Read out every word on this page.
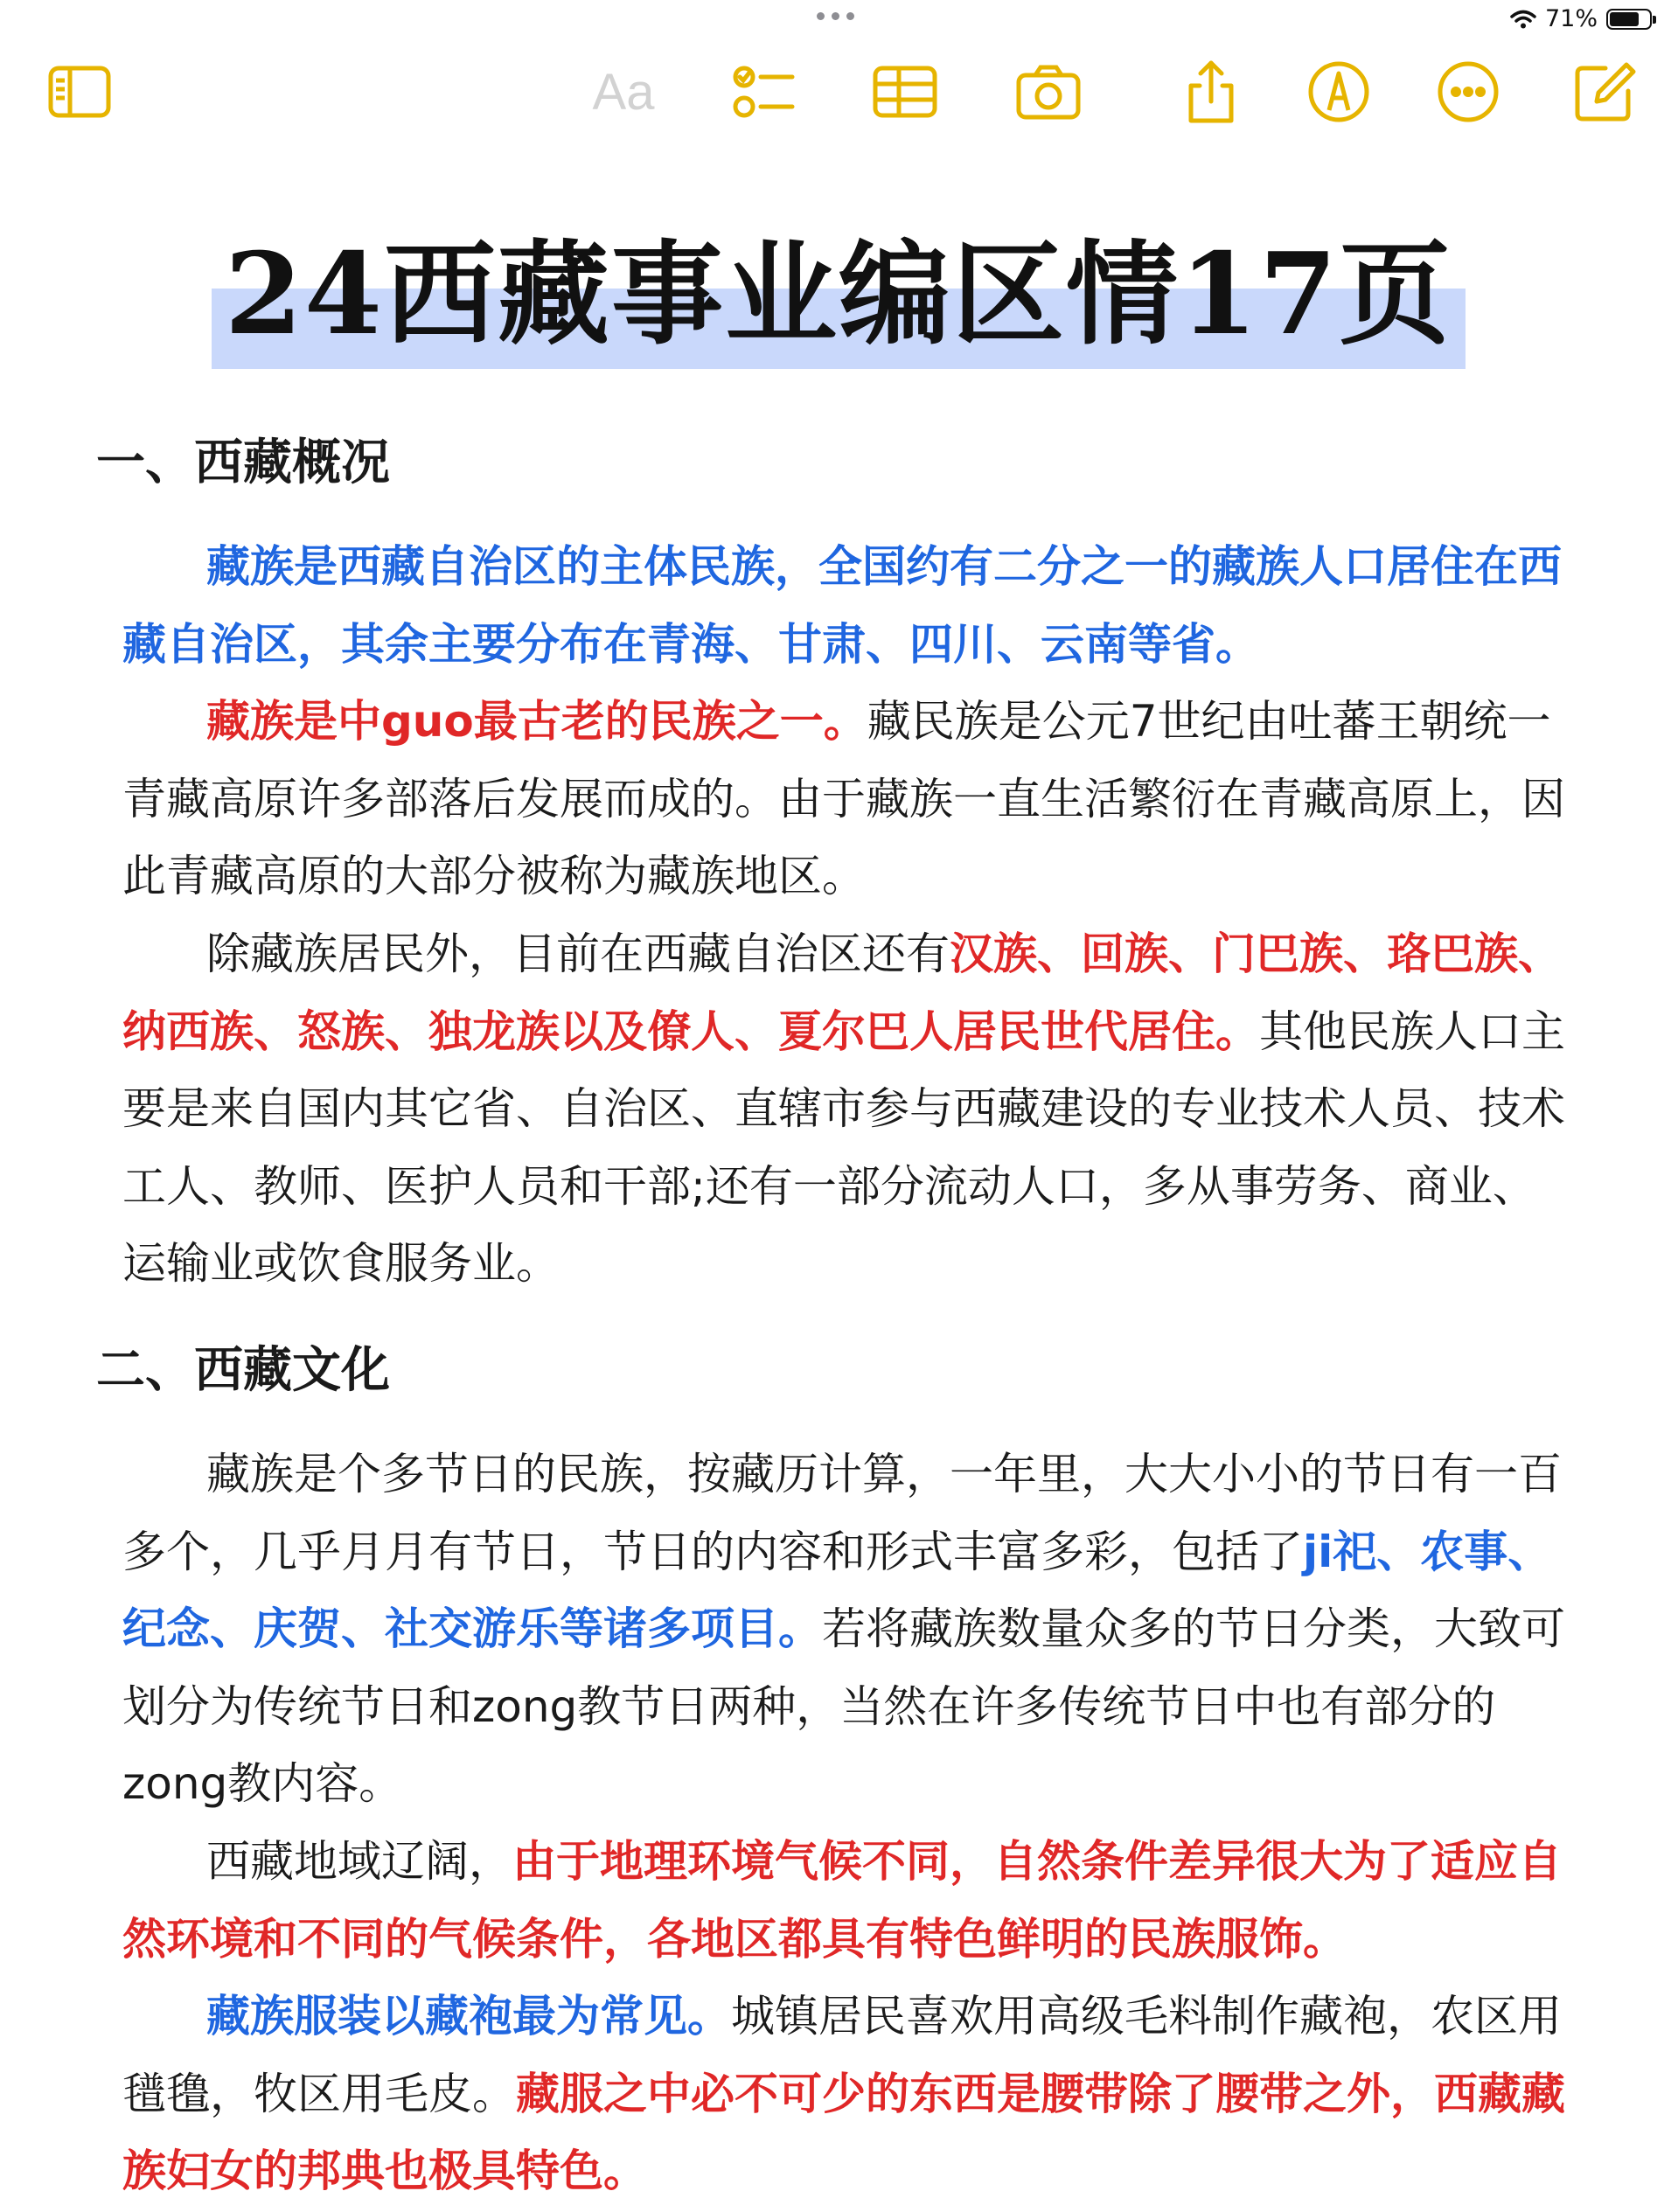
71%
Aa
24西藏事业编区情17页
一、西藏概况

藏族是西藏自治区的主体民族，全国约有二分之一的藏族人口居住在西藏自治区，其余主要分布在青海、甘肃、四川、云南等省。

藏族是中guo最古老的民族之一。藏民族是公元7世纪由吐蕃王朝统一青藏高原许多部落后发展而成的。由于藏族一直生活繁衍在青藏高原上，因此青藏高原的大部分被称为藏族地区。

除藏族居民外，目前在西藏自治区还有汉族、回族、门巴族、珞巴族、纳西族、怒族、独龙族以及僚人、夏尔巴人居民世代居住。其他民族人口主要是来自国内其它省、自治区、直辖市参与西藏建设的专业技术人员、技术工人、教师、医护人员和干部;还有一部分流动人口，多从事劳务、商业、运输业或饮食服务业。

二、西藏文化

藏族是个多节日的民族，按藏历计算，一年里，大大小小的节日有一百多个，几乎月月有节日，节日的内容和形式丰富多彩，包括了ji祀、农事、纪念、庆贺、社交游乐等诸多项目。若将藏族数量众多的节日分类，大致可划分为传统节日和zong教节日两种，当然在许多传统节日中也有部分的zong教内容。

西藏地域辽阔，由于地理环境气候不同，自然条件差异很大为了适应自然环境和不同的气候条件，各地区都具有特色鲜明的民族服饰。

藏族服装以藏袍最为常见。城镇居民喜欢用高级毛料制作藏袍，农区用氆氇，牧区用毛皮。藏服之中必不可少的东西是腰带除了腰带之外，西藏藏族妇女的邦典也极具特色。
